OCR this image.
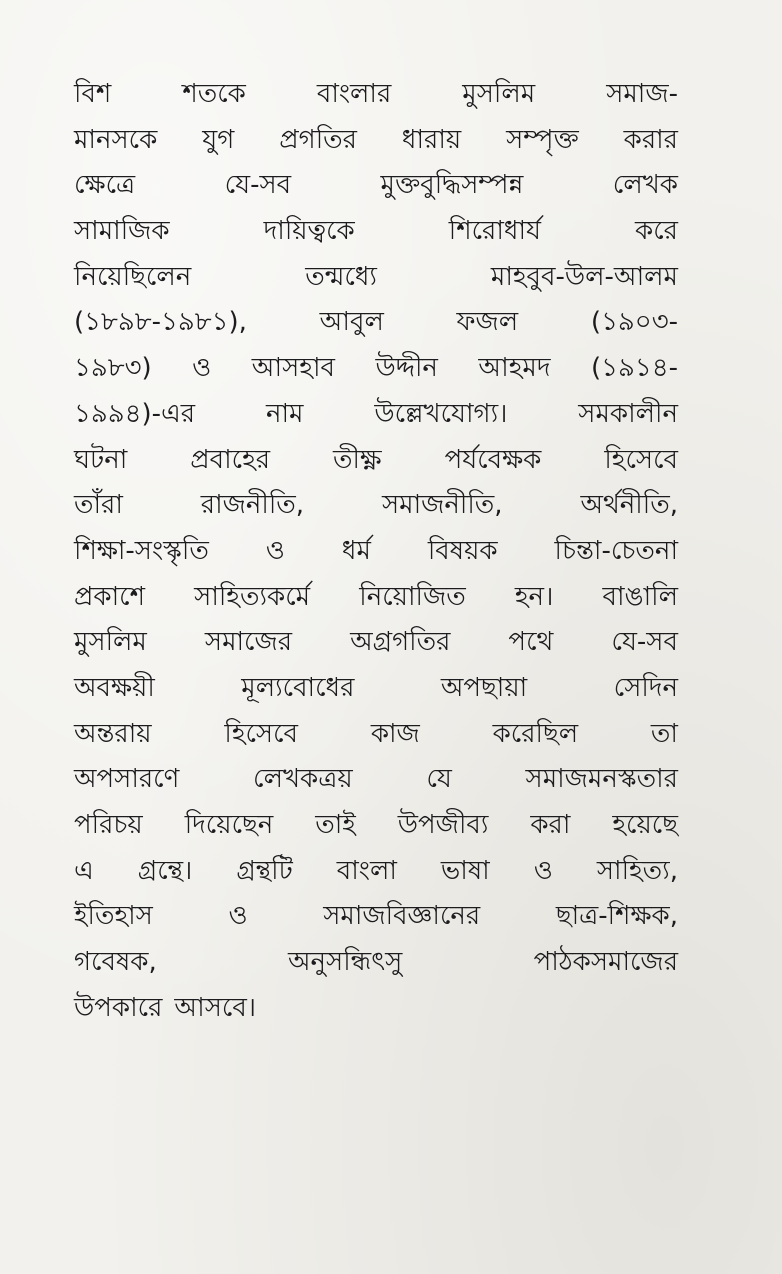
বিশ	শতকে	বাংলার	মুসলিম	সমাজ-
মানসকে যুগ প্রগতির ধারায় সম্পৃক্ত করার
ক্ষেত্রে	যে-সব	মুক্তবুদ্ধিসম্পন্ন	লেখক
সামাজিক	দায়িত্বকে	শিরোধার্য	করে
নিয়েছিলেন	তন্মধ্যে	মাহবুব-উল-আলম
(১৮৯৮-১৯৮১),	আবুল	ফজল	(১৯০৩-
১৯৮৩) ও আসহাব উদ্দীন আহমদ (১৯১৪-
১৯৯৪)-এর	নাম	উল্লেখযোগ্য।	সমকালীন
ঘটনা প্রবাহের তীক্ষ্ণ পর্যবেক্ষক হিসেবে
তাঁরা	রাজনীতি,	সমাজনীতি,	অর্থনীতি,
শিক্ষা-সংস্কৃতি ও ধর্ম বিষয়ক চিন্তা-চেতনা
প্রকাশে সাহিত্যকর্মে নিয়োজিত হন। বাঙালি
মুসলিম সমাজের অগ্রগতির পথে যে-সব
অবক্ষয়ী	মূল্যবোধের	অপছায়া	সেদিন
অন্তরায়	হিসেবে	কাজ	করেছিল	তা
অপসারণে	লেখকত্রয়	যে	সমাজমনস্কতার
পরিচয় দিয়েছেন তাই উপজীব্য করা হয়েছে
এ গ্রন্থে। গ্রন্থটি বাংলা ভাষা ও সাহিত্য,
ইতিহাস	ও	সমাজবিজ্ঞানের	ছাত্র-শিক্ষক,
গবেষক,	অনুসন্ধিৎসু	পাঠকসমাজের
উপকারে আসবে।
